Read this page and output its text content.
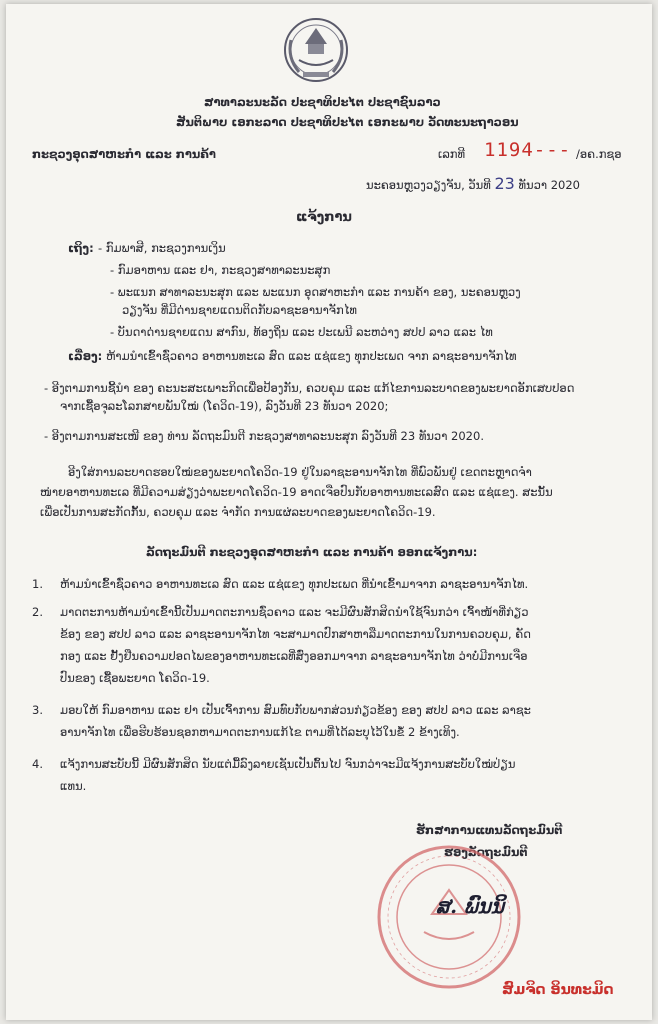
ສາທາລະນະລັດ ປະຊາທິປະໄຕ ປະຊາຊົນລາວ
ສັນຕິພາບ ເອກະລາດ ປະຊາທິປະໄຕ ເອກະພາບ ວັດທະນະຖາວອນ
ກະຊວງອຸດສາຫະກຳ ແລະ ການຄ້າ	ເລກທີ 1194--- /ອຄ.ກຊອ
ນະຄອນຫຼວງວຽງຈັນ, ວັນທີ 23 ທັນວາ 2020
ແຈ້ງການ
ເຖິງ: - ກົມພາສີ, ກະຊວງການເງິນ
- ກົມອາຫານ ແລະ ຢາ, ກະຊວງສາທາລະນະສຸກ
- ພະແນກ ສາທາລະນະສຸກ ແລະ ພະແນກ ອຸດສາຫະກຳ ແລະ ການຄ້າ ຂອງ, ນະຄອນຫຼວງ
ວຽງຈັນ ທີ່ມີດ່ານຊາຍແດນຕິດກັບລາຊະອານາຈັກໄທ
- ບັນດາດ່ານຊາຍແດນ ສາກົນ, ທ້ອງຖິ່ນ ແລະ ປະເພນີ ລະຫວ່າງ ສປປ ລາວ ແລະ ໄທ
ເລື່ອງ: ຫ້າມນຳເຂົ້າຊົ່ວຄາວ ອາຫານທະເລ ສົດ ແລະ ແຊ່ແຂງ ທຸກປະເພດ ຈາກ ລາຊະອານາຈັກໄທ
- ອີງຕາມການຊີ້ນຳ ຂອງ ຄະນະສະເພາະກິດເພື່ອປ້ອງກັນ, ຄວບຄຸມ ແລະ ແກ້ໄຂການລະບາດຂອງພະຍາດອັກເສບປອດ
ຈາກເຊື້ອຈຸລະໂລກສາຍພັນໃໝ່ (ໂຄວິດ-19), ລົງວັນທີ 23 ທັນວາ 2020;
- ອີງຕາມການສະເໜີ ຂອງ ທ່ານ ລັດຖະມົນຕີ ກະຊວງສາທາລະນະສຸກ ລົງວັນທີ 23 ທັນວາ 2020.
ອີງໃສ່ການລະບາດຮອບໃໝ່ຂອງພະຍາດໂຄວິດ-19 ຢູ່ໃນລາຊະອານາຈັກໄທ ທີ່ພົວພັນຢູ່ ເຂດຕະຫຼາດຈຳ
ໜ່າຍອາຫານທະເລ ທີ່ມີຄວາມສ່ຽງວ່າພະຍາດໂຄວິດ-19 ອາດເຈືອປົນກັບອາຫານທະເລສົດ ແລະ ແຊ່ແຂງ. ສະນັ້ນ
ເພື່ອເປັນການສະກັດກັ້ນ, ຄວບຄຸມ ແລະ ຈຳກັດ ການແຜ່ລະບາດຂອງພະຍາດໂຄວິດ-19.
ລັດຖະມົນຕີ ກະຊວງອຸດສາຫະກຳ ແລະ ການຄ້າ ອອກແຈ້ງການ:
1. ຫ້າມນຳເຂົ້າຊົ່ວຄາວ ອາຫານທະເລ ສົດ ແລະ ແຊ່ແຂງ ທຸກປະເພດ ທີ່ນຳເຂົ້າມາຈາກ ລາຊະອານາຈັກໄທ.
2. ມາດຕະການຫ້າມນຳເຂົ້ານີ້ເປັນມາດຕະການຊົ່ວຄາວ ແລະ ຈະມີຜົນສັກສິດນຳໃຊ້ຈົນກວ່າ ເຈົ້າໜ້າທີ່ກ່ຽວ
ຂ້ອງ ຂອງ ສປປ ລາວ ແລະ ລາຊະອານາຈັກໄທ ຈະສາມາດປົກສາຫາລືມາດຕະການໃນການຄວບຄຸມ, ຄັດ
ກອງ ແລະ ຢັ້ງຢືນຄວາມປອດໄພຂອງອາຫານທະເລທີ່ສົ່ງອອກມາຈາກ ລາຊະອານາຈັກໄທ ວ່າບໍ່ມີການເຈືອ
ປົນຂອງ ເຊື້ອພະຍາດ ໂຄວິດ-19.
3. ມອບໃຫ້ ກົມອາຫານ ແລະ ຢາ ເປັນເຈົ້າການ ສົມທົບກັບພາກສ່ວນກ່ຽວຂ້ອງ ຂອງ ສປປ ລາວ ແລະ ລາຊະ
ອານາຈັກໄທ ເພື່ອຮີບຮ້ອນຊອກຫາມາດຕະການແກ້ໄຂ ຕາມທີ່ໄດ້ລະບຸໄວ້ໃນຂໍ້ 2 ຂ້າງເທິງ.
4. ແຈ້ງການສະບັບນີ້ ມີຜົນສັກສິດ ນັບແຕ່ມື້ລົງລາຍເຊັນເປັນຕົ້ນໄປ ຈົນກວ່າຈະມີແຈ້ງການສະບັບໃໝ່ປ່ຽນ
ແທນ.
ຮັກສາການແທນລັດຖະມົນຕີ
ຮອງລັດຖະມົນຕີ
ສ. ພົນນິ
ສົມຈິດ ອິນທະມິດ
